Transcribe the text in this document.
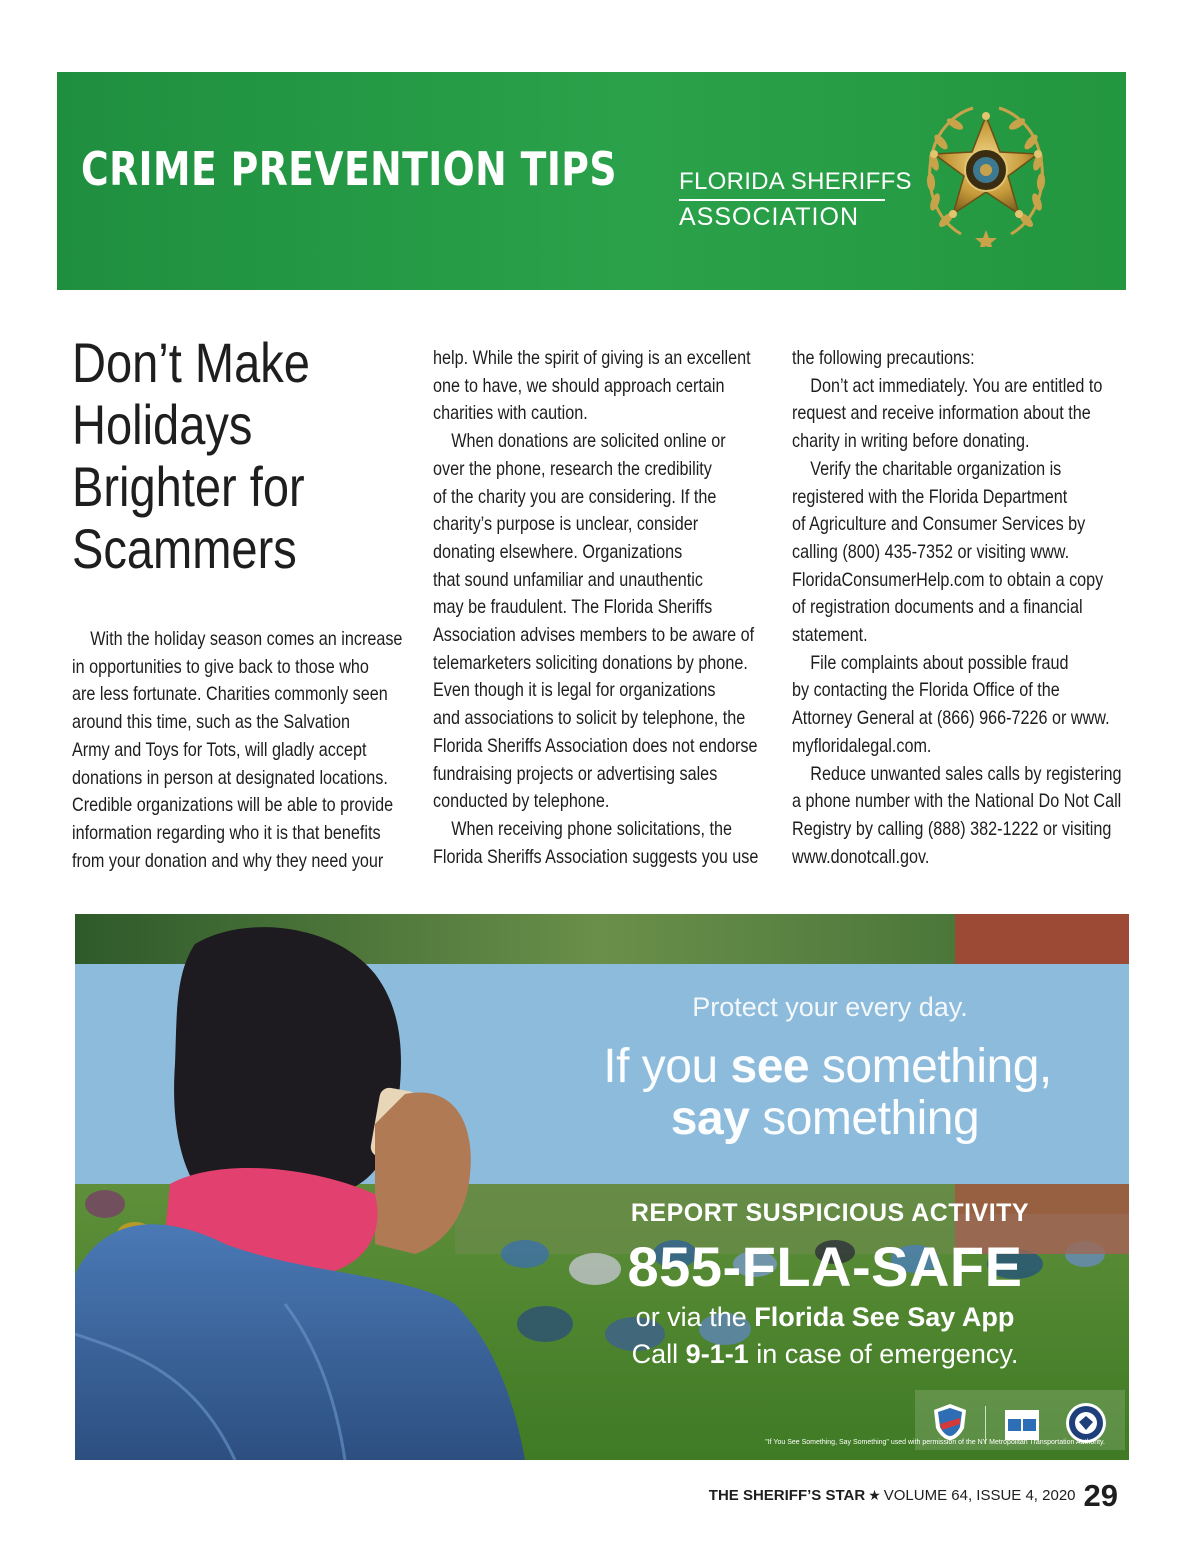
CRIME PREVENTION TIPS	FLORIDA SHERIFFS
ASSOCIATION
Don’t Make
Holidays
Brighter for
Scammers
With the holiday season comes an increase
in opportunities to give back to those who
are less fortunate. Charities commonly seen
around this time, such as the Salvation
Army and Toys for Tots, will gladly accept
donations in person at designated locations.
Credible organizations will be able to provide
information regarding who it is that benefits
from your donation and why they need your
help. While the spirit of giving is an excellent
one to have, we should approach certain
charities with caution.
When donations are solicited online or
over the phone, research the credibility
of the charity you are considering. If the
charity’s purpose is unclear, consider
donating elsewhere. Organizations
that sound unfamiliar and unauthentic
may be fraudulent. The Florida Sheriffs
Association advises members to be aware of
telemarketers soliciting donations by phone.
Even though it is legal for organizations
and associations to solicit by telephone, the
Florida Sheriffs Association does not endorse
fundraising projects or advertising sales
conducted by telephone.
When receiving phone solicitations, the
Florida Sheriffs Association suggests you use
the following precautions:
Don’t act immediately. You are entitled to
request and receive information about the
charity in writing before donating.
Verify the charitable organization is
registered with the Florida Department
of Agriculture and Consumer Services by
calling (800) 435-7352 or visiting www.
FloridaConsumerHelp.com to obtain a copy
of registration documents and a financial
statement.
File complaints about possible fraud
by contacting the Florida Office of the
Attorney General at (866) 966-7226 or www.
myfloridalegal.com.
Reduce unwanted sales calls by registering
a phone number with the National Do Not Call
Registry by calling (888) 382-1222 or visiting
www.donotcall.gov.
Protect your every day.
If you see something,
say something
REPORT SUSPICIOUS ACTIVITY
855-FLA-SAFE
or via the Florida See Say App
Call 9-1-1 in case of emergency.
"If You See Something, Say Something" used with permission of the NY Metropolitan Transportation Authority.
THE SHERIFF’S STAR ★ VOLUME 64, ISSUE 4, 2020 29
